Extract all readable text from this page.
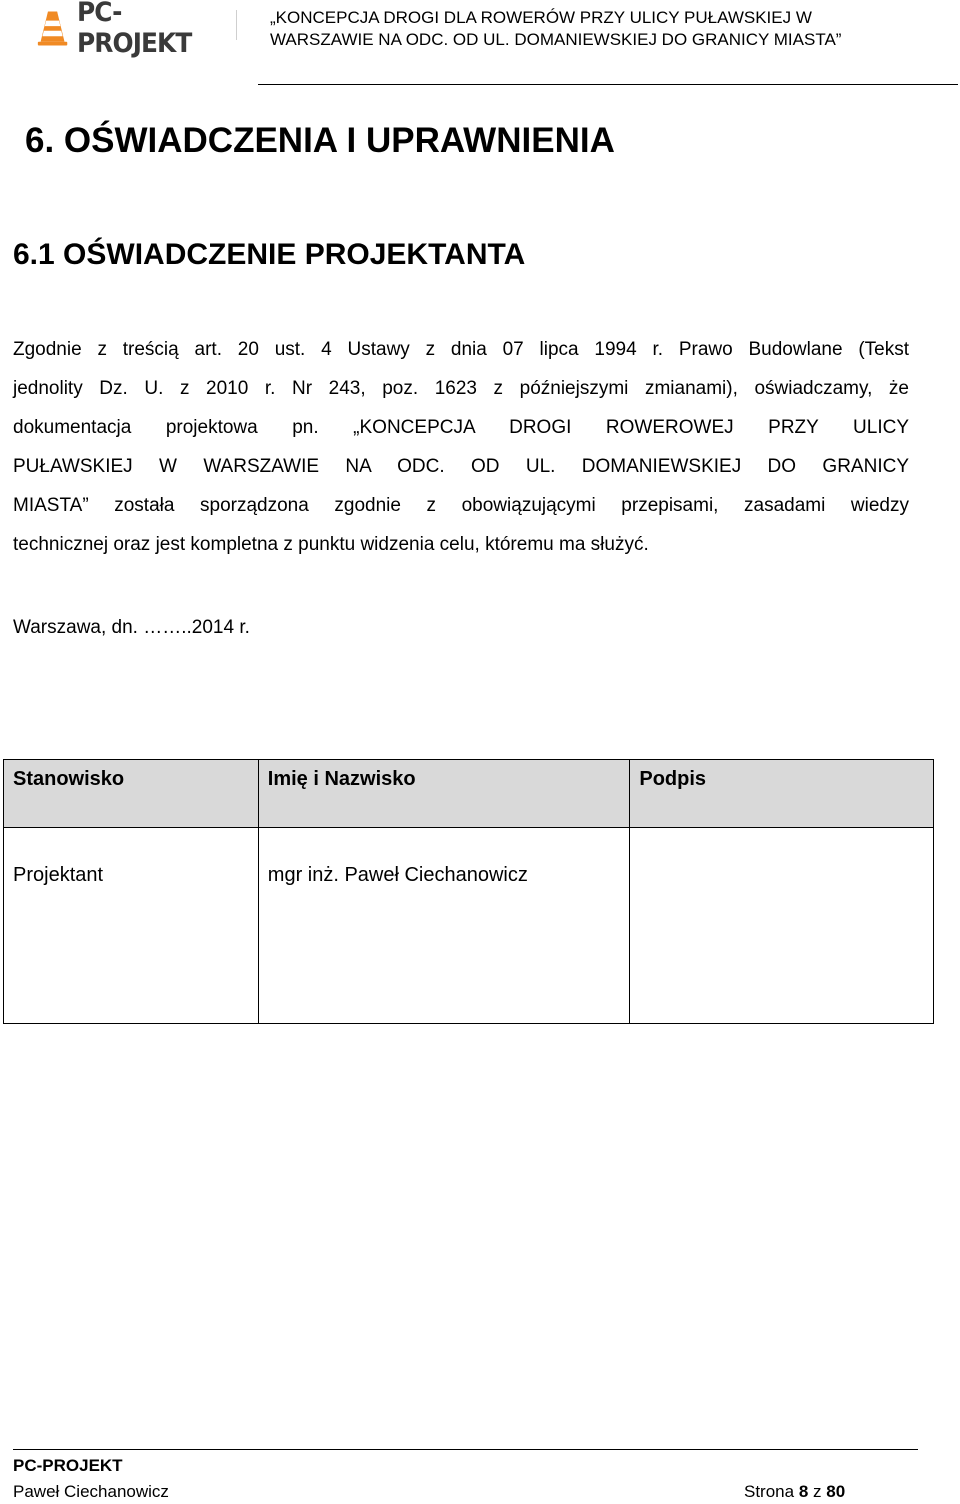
PC-PROJEKT
„KONCEPCJA DROGI DLA ROWERÓW PRZY ULICY PUŁAWSKIEJ W
WARSZAWIE NA ODC. OD UL. DOMANIEWSKIEJ DO GRANICY MIASTA”
6. OŚWIADCZENIA I UPRAWNIENIA
6.1 OŚWIADCZENIE PROJEKTANTA
Zgodnie z treścią art. 20 ust. 4 Ustawy z dnia 07 lipca 1994 r. Prawo Budowlane (Tekst
jednolity Dz. U. z 2010 r. Nr 243, poz. 1623 z późniejszymi zmianami), oświadczamy, że
dokumentacja projektowa pn. „KONCEPCJA DROGI ROWEROWEJ PRZY ULICY
PUŁAWSKIEJ W WARSZAWIE NA ODC. OD UL. DOMANIEWSKIEJ DO GRANICY
MIASTA” została sporządzona zgodnie z obowiązującymi przepisami, zasadami wiedzy
technicznej oraz jest kompletna z punktu widzenia celu, któremu ma służyć.
Warszawa, dn. ……..2014 r.
Stanowisko	Imię i Nazwisko	Podpis
Projektant	mgr inż. Paweł Ciechanowicz	
PC-PROJEKT
Paweł Ciechanowicz	Strona 8 z 80
